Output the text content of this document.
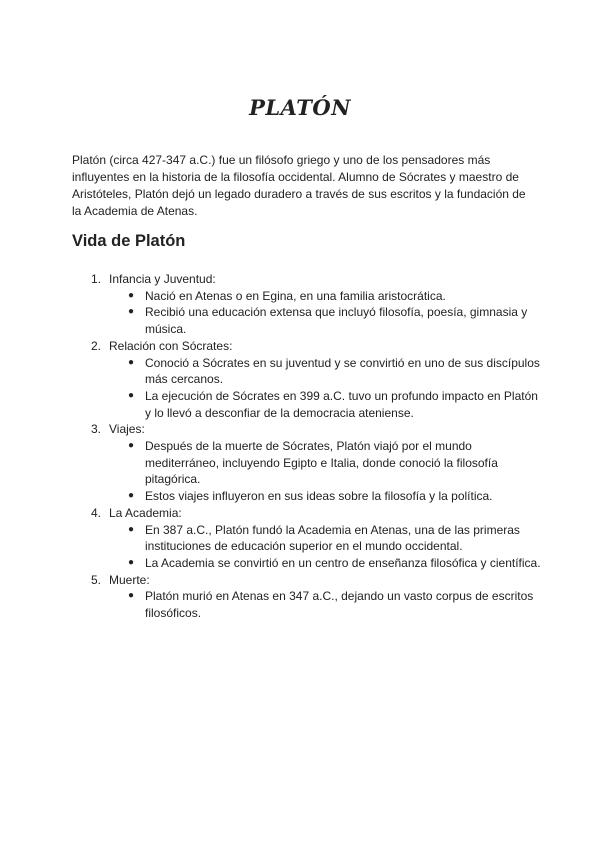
PLATÓN

Platón (circa 427-347 a.C.) fue un filósofo griego y uno de los pensadores más influyentes en la historia de la filosofía occidental. Alumno de Sócrates y maestro de Aristóteles, Platón dejó un legado duradero a través de sus escritos y la fundación de la Academia de Atenas.

Vida de Platón
1. Infancia y Juventud:
● Nació en Atenas o en Egina, en una familia aristocrática.
● Recibió una educación extensa que incluyó filosofía, poesía, gimnasia y música.
2. Relación con Sócrates:
● Conoció a Sócrates en su juventud y se convirtió en uno de sus discípulos más cercanos.
● La ejecución de Sócrates en 399 a.C. tuvo un profundo impacto en Platón y lo llevó a desconfiar de la democracia ateniense.
3. Viajes:
● Después de la muerte de Sócrates, Platón viajó por el mundo mediterráneo, incluyendo Egipto e Italia, donde conoció la filosofía pitagórica.
● Estos viajes influyeron en sus ideas sobre la filosofía y la política.
4. La Academia:
● En 387 a.C., Platón fundó la Academia en Atenas, una de las primeras instituciones de educación superior en el mundo occidental.
● La Academia se convirtió en un centro de enseñanza filosófica y científica.
5. Muerte:
● Platón murió en Atenas en 347 a.C., dejando un vasto corpus de escritos filosóficos.
